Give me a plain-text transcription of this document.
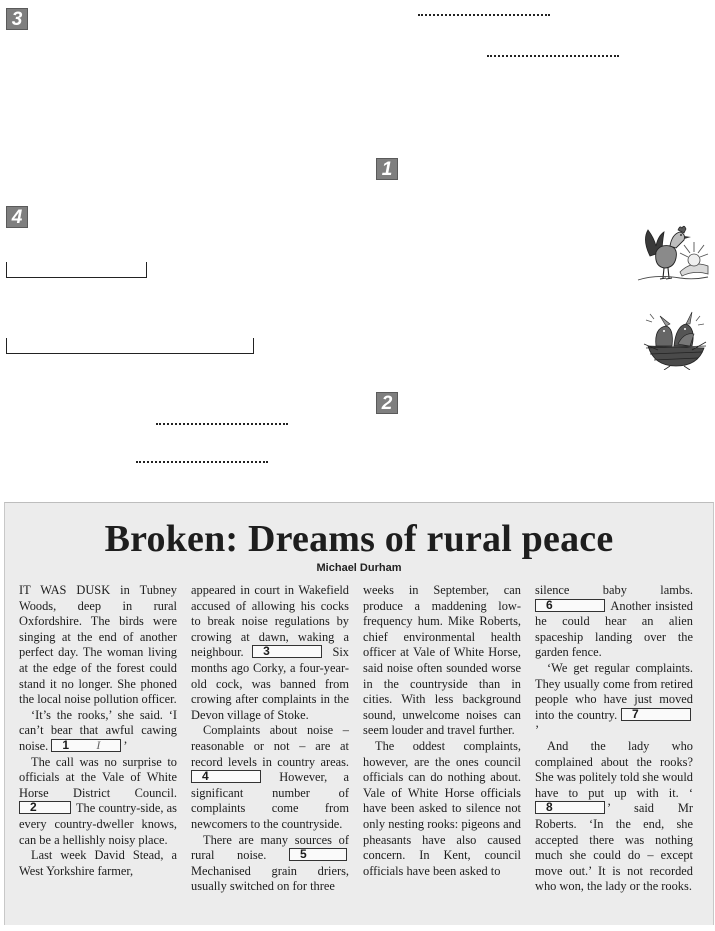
3
4
1
2
Broken: Dreams of rural peace
Michael Durham

IT WAS DUSK in Tubney Woods, deep in rural Oxfordshire. The birds were singing at the end of another perfect day. The woman living at the edge of the forest could stand it no longer. She phoned the local noise pollution officer.

‘It’s the rooks,’ she said. ‘I can’t bear that awful cawing noise. 1 I ’

The call was no surprise to officials at the Vale of White Horse District Council.
2	The country-side, as every country-dweller knows, can be a hellishly noisy place.

Last week David Stead, a West Yorkshire farmer,

appeared in court in Wakefield accused of allowing his cocks to break noise regulations by crowing at dawn, waking a neighbour. 3	Six months ago Corky, a four-year-old cock, was banned from crowing after complaints in the Devon village of Stoke.

Complaints about noise – reasonable or not – are at record levels in country areas.
4	However, a significant number of complaints come from newcomers to the countryside.

There are many sources of rural noise.	5
Mechanised grain driers, usually switched on for three

weeks in September, can produce a maddening low-frequency hum. Mike Roberts, chief environmental health officer at Vale of White Horse, said noise often sounded worse in the countryside than in cities. With less background sound, unwelcome noises can seem louder and travel further.

The oddest complaints, however, are the ones council officials can do nothing about. Vale of White Horse officials have been asked to silence not only nesting rooks: pigeons and pheasants have also caused concern. In Kent, council officials have been asked to

silence baby lambs.
6	Another insisted he could hear an alien spaceship landing over the garden fence.

‘We get regular complaints. They usually come from retired people who have just moved into the country. 7
’

And the lady who complained about the rooks? She was politely told she would have to put up with it. ‘
8	’ said Mr Roberts. ‘In the end, she accepted there was nothing much she could do – except move out.’ It is not recorded who won, the lady or the rooks.
